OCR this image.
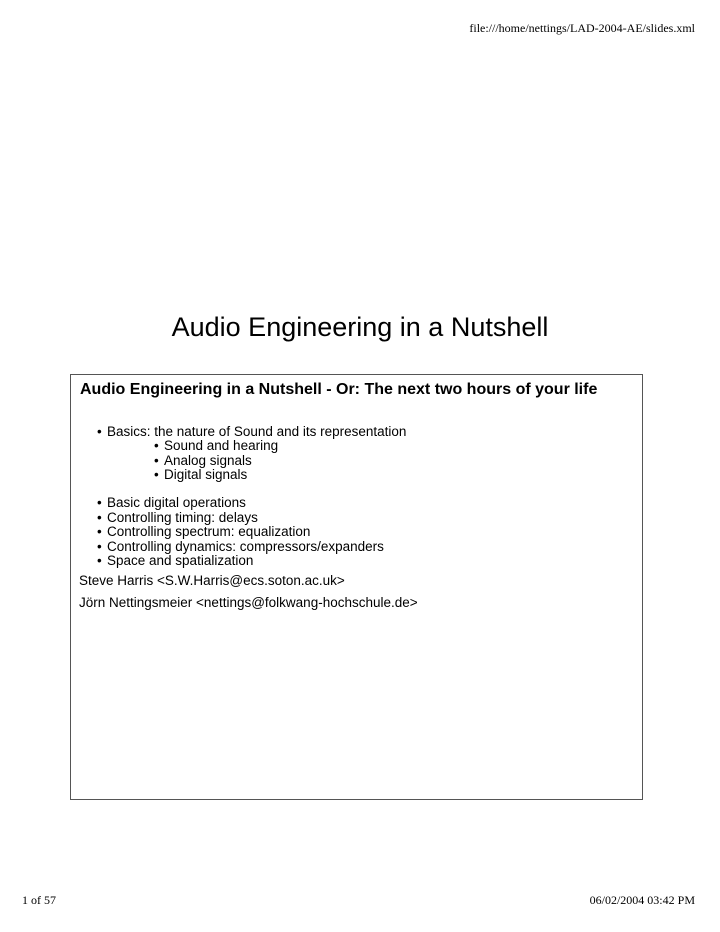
file:///home/nettings/LAD-2004-AE/slides.xml
Audio Engineering in a Nutshell
Audio Engineering in a Nutshell - Or: The next two hours of your life
• Basics: the nature of Sound and its representation
• Sound and hearing
• Analog signals
• Digital signals
• Basic digital operations
• Controlling timing: delays
• Controlling spectrum: equalization
• Controlling dynamics: compressors/expanders
• Space and spatialization
Steve Harris <S.W.Harris@ecs.soton.ac.uk>
Jörn Nettingsmeier <nettings@folkwang-hochschule.de>
1 of 57	06/02/2004 03:42 PM
